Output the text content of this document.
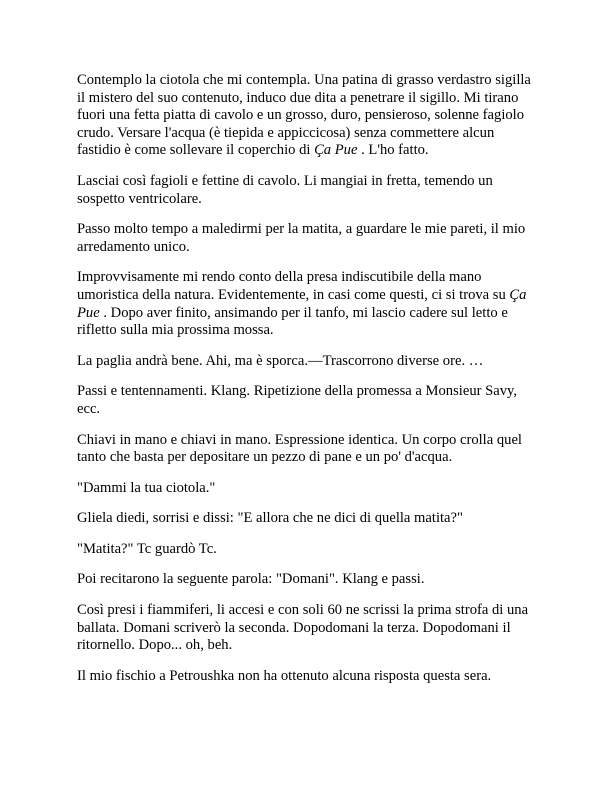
Contemplo la ciotola che mi contempla. Una patina di grasso verdastro sigilla il mistero del suo contenuto, induco due dita a penetrare il sigillo. Mi tirano fuori una fetta piatta di cavolo e un grosso, duro, pensieroso, solenne fagiolo crudo. Versare l'acqua (è tiepida e appiccicosa) senza commettere alcun fastidio è come sollevare il coperchio di Ça Pue . L'ho fatto.

Lasciai così fagioli e fettine di cavolo. Li mangiai in fretta, temendo un sospetto ventricolare.

Passo molto tempo a maledirmi per la matita, a guardare le mie pareti, il mio arredamento unico.

Improvvisamente mi rendo conto della presa indiscutibile della mano umoristica della natura. Evidentemente, in casi come questi, ci si trova su Ça Pue . Dopo aver finito, ansimando per il tanfo, mi lascio cadere sul letto e rifletto sulla mia prossima mossa.

La paglia andrà bene. Ahi, ma è sporca.—Trascorrono diverse ore. …

Passi e tentennamenti. Klang. Ripetizione della promessa a Monsieur Savy, ecc.

Chiavi in mano e chiavi in mano. Espressione identica. Un corpo crolla quel tanto che basta per depositare un pezzo di pane e un po' d'acqua.

"Dammi la tua ciotola."

Gliela diedi, sorrisi e dissi: "E allora che ne dici di quella matita?"

"Matita?" Tc guardò Tc.

Poi recitarono la seguente parola: "Domani". Klang e passi.

Così presi i fiammiferi, li accesi e con soli 60 ne scrissi la prima strofa di una ballata. Domani scriverò la seconda. Dopodomani la terza. Dopodomani il ritornello. Dopo... oh, beh.

Il mio fischio a Petroushka non ha ottenuto alcuna risposta questa sera.
